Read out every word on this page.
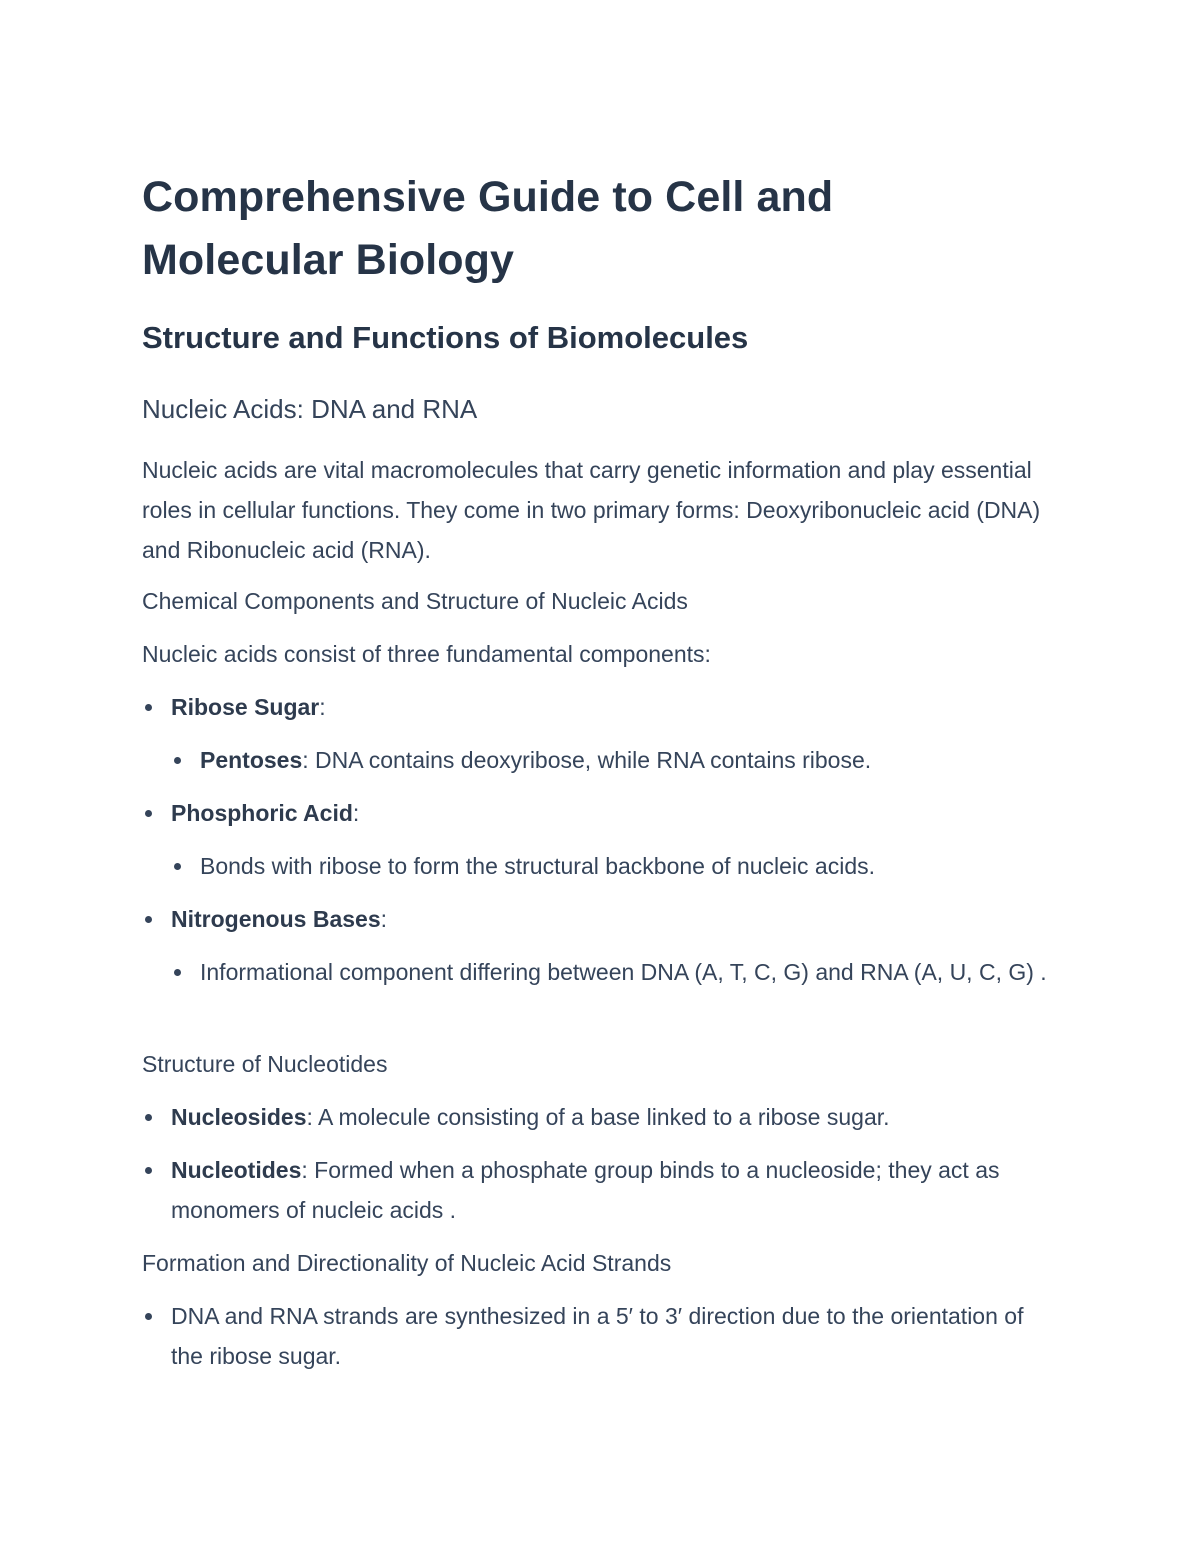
Comprehensive Guide to Cell and Molecular Biology
Structure and Functions of Biomolecules
Nucleic Acids: DNA and RNA

Nucleic acids are vital macromolecules that carry genetic information and play essential roles in cellular functions. They come in two primary forms: Deoxyribonucleic acid (DNA) and Ribonucleic acid (RNA).

Chemical Components and Structure of Nucleic Acids

Nucleic acids consist of three fundamental components:

Ribose Sugar:
Pentoses: DNA contains deoxyribose, while RNA contains ribose.
Phosphoric Acid:
Bonds with ribose to form the structural backbone of nucleic acids.
Nitrogenous Bases:
Informational component differing between DNA (A, T, C, G) and RNA (A, U, C, G) .
Structure of Nucleotides
Nucleosides: A molecule consisting of a base linked to a ribose sugar.
Nucleotides: Formed when a phosphate group binds to a nucleoside; they act as monomers of nucleic acids .
Formation and Directionality of Nucleic Acid Strands
DNA and RNA strands are synthesized in a 5′ to 3′ direction due to the orientation of the ribose sugar.
